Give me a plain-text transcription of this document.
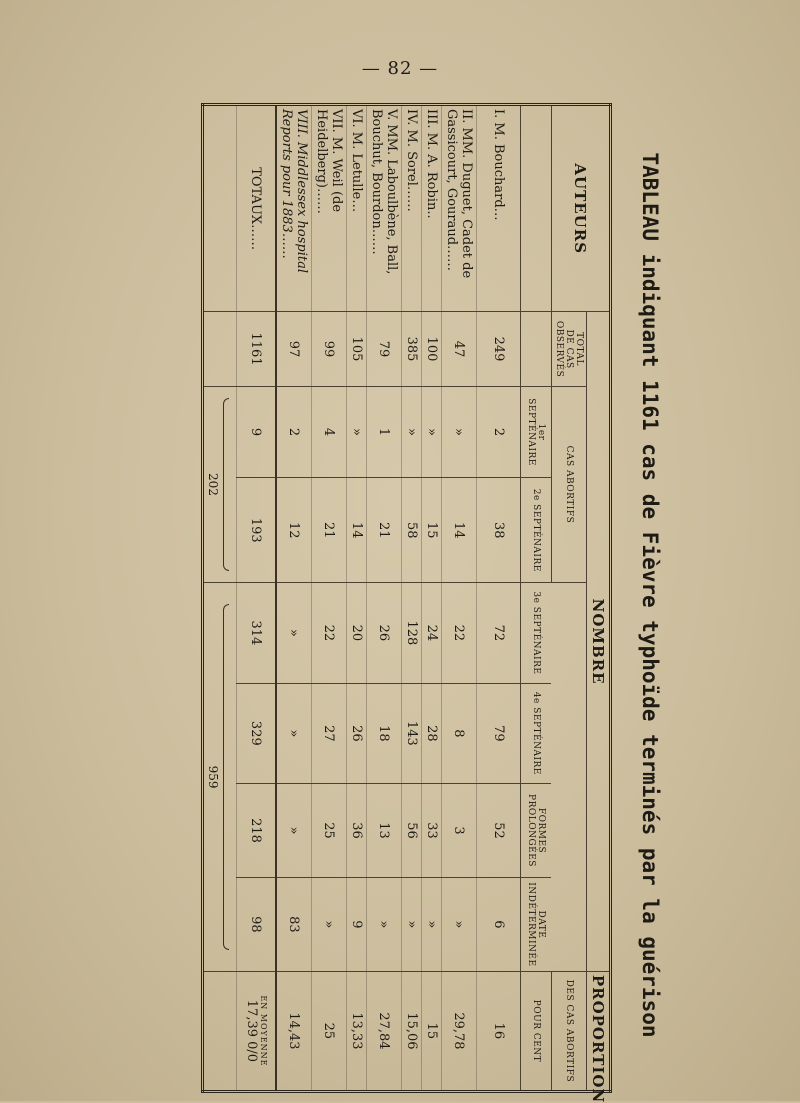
— 82 —
TABLEAU indiquant 1161 cas de Fièvre typhoïde terminés par la guérison
AUTEURS	NOMBRE							PROPORTION
	TOTAL
DE CAS OBSERVÉS	CAS ABORTIFS						DES CAS ABORTIFS
		1er SEPTÉNAIRE	2e SEPTÉNAIRE	3e SEPTÉNAIRE	4e SEPTÉNAIRE	FORMES PROLONGÉES	DATE INDÉTERMINÉE	POUR CENT
I. M. Bouchard…	249	2	38	72	79	52	6	16
II. MM. Duguet, Cadet de Gassicourt, Gouraud……	47	»	14	22	8	3	»	29,78
III. M. A. Robin..	100	»	15	24	28	33	»	15
IV. M. Sorel……	385	»	58	128	143	56	»	15,06
V. MM. Laboulbène, Ball, Bouchut, Bourdon……	79	1	21	26	18	13	»	27,84
VI. M. Letulle…	105	»	14	20	26	36	9	13,33
VII. M. Weil (de Heidelberg)……	99	4	21	22	27	25	»	25
VIII. Middlessex hospital Reports pour 1883……	97	2	12	»	»	»	83	14,43
TOTAUX……	1161	9	193	314	329	218	98	EN MOYENNE
17,39 0/0

202		959				
